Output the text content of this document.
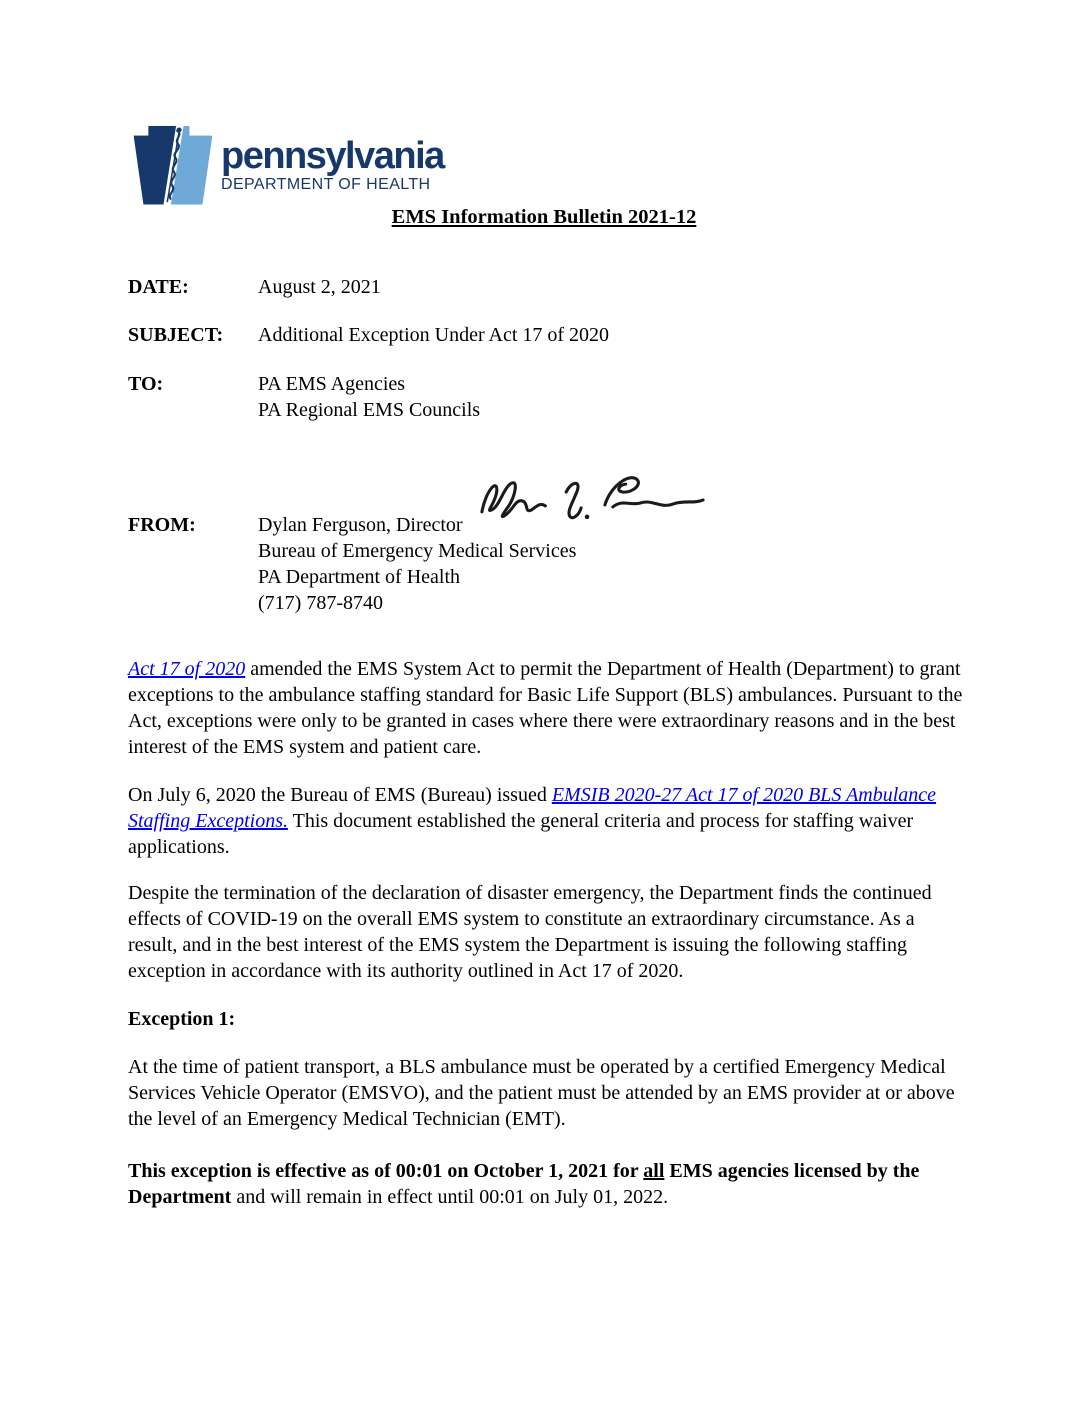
pennsylvania
DEPARTMENT OF HEALTH
EMS Information Bulletin 2021-12
DATE:	August 2, 2021
SUBJECT:	Additional Exception Under Act 17 of 2020
TO:	PA EMS Agencies
PA Regional EMS Councils
FROM:	Dylan Ferguson, Director
Bureau of Emergency Medical Services
PA Department of Health
(717) 787-8740

Act 17 of 2020 amended the EMS System Act to permit the Department of Health (Department) to grant exceptions to the ambulance staffing standard for Basic Life Support (BLS) ambulances. Pursuant to the Act, exceptions were only to be granted in cases where there were extraordinary reasons and in the best interest of the EMS system and patient care.

On July 6, 2020 the Bureau of EMS (Bureau) issued EMSIB 2020-27 Act 17 of 2020 BLS Ambulance Staffing Exceptions. This document established the general criteria and process for staffing waiver applications.

Despite the termination of the declaration of disaster emergency, the Department finds the continued effects of COVID-19 on the overall EMS system to constitute an extraordinary circumstance. As a result, and in the best interest of the EMS system the Department is issuing the following staffing exception in accordance with its authority outlined in Act 17 of 2020.

Exception 1:

At the time of patient transport, a BLS ambulance must be operated by a certified Emergency Medical Services Vehicle Operator (EMSVO), and the patient must be attended by an EMS provider at or above the level of an Emergency Medical Technician (EMT).

This exception is effective as of 00:01 on October 1, 2021 for all EMS agencies licensed by the Department and will remain in effect until 00:01 on July 01, 2022.
